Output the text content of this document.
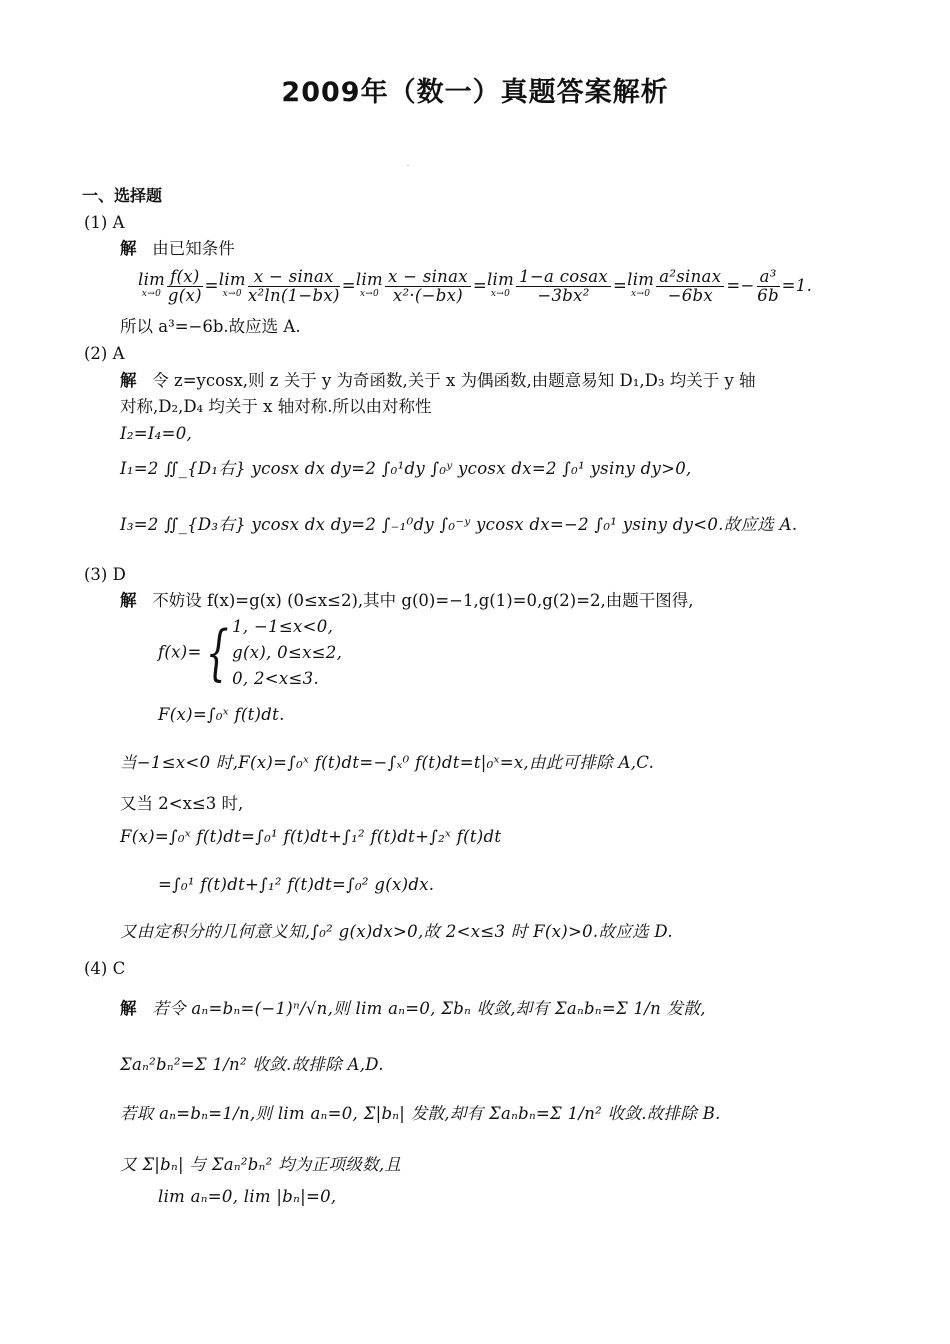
2009年（数一）真题答案解析
一、选择题
(1) A
解 由已知条件
lim
$x\to 0 \frac{f(x)}{g(x)} =\lim$
$x\to 0 \frac{\text{x − sinax}}{\text{x²ln(1−bx)}} =\lim$
$x\to 0 \frac{\text{x − sinax}}{\text{x²·(−bx)}} =\lim$
$x\to 0 \frac{\text{1−a cosax}}{\text{−3bx²}} =\lim$
$x\to 0 \frac{\text{a²sinax}}{-6bx} =- \frac{\text{a³}}{6b} =1$.
所以 a³=−6b.故应选 A.
(2) A
解 令 z=ycosx,则 z 关于 y 为奇函数,关于 x 为偶函数,由题意易知 D₁,D₃ 均关于 y 轴
对称,D₂,D₄ 均关于 x 轴对称.所以由对称性
I₂=I₄=0,
I₁=2 ∬_{D₁右} ycosx dx dy=2 ∫₀¹dy ∫₀ʸ ycosx dx=2 ∫₀¹ ysiny dy>0,
I₃=2 ∬_{D₃右} ycosx dx dy=2 ∫₋₁⁰dy ∫₀⁻ʸ ycosx dx=−2 ∫₀¹ ysiny dy<0.故应选 A.
(3) D
解 不妨设 f(x)=g(x) (0≤x≤2),其中 g(0)=−1,g(1)=0,g(2)=2,由题干图得,
f(x)={ 1, −1≤x<0,
g(x), 0≤x≤2,
0, 2<x≤3.
F(x)=∫₀ˣ f(t)dt.
当−1≤x<0 时,F(x)=∫₀ˣ f(t)dt=−∫ₓ⁰ f(t)dt=t|₀ˣ=x,由此可排除 A,C.
又当 2<x≤3 时,
F(x)=∫₀ˣ f(t)dt=∫₀¹ f(t)dt+∫₁² f(t)dt+∫₂ˣ f(t)dt
=∫₀¹ f(t)dt+∫₁² f(t)dt=∫₀² g(x)dx.
又由定积分的几何意义知,∫₀² g(x)dx>0,故 2<x≤3 时 F(x)>0.故应选 D.
(4) C
解 若令 aₙ=bₙ=(−1)ⁿ/√n,则 lim aₙ=0, Σbₙ 收敛,却有 Σaₙbₙ=Σ 1/n 发散,
Σaₙ²bₙ²=Σ 1/n² 收敛.故排除 A,D.
若取 aₙ=bₙ=1/n,则 lim aₙ=0, Σ|bₙ| 发散,却有 Σaₙbₙ=Σ 1/n² 收敛.故排除 B.
又 Σ|bₙ| 与 Σaₙ²bₙ² 均为正项级数,且
lim aₙ=0, lim |bₙ|=0,
